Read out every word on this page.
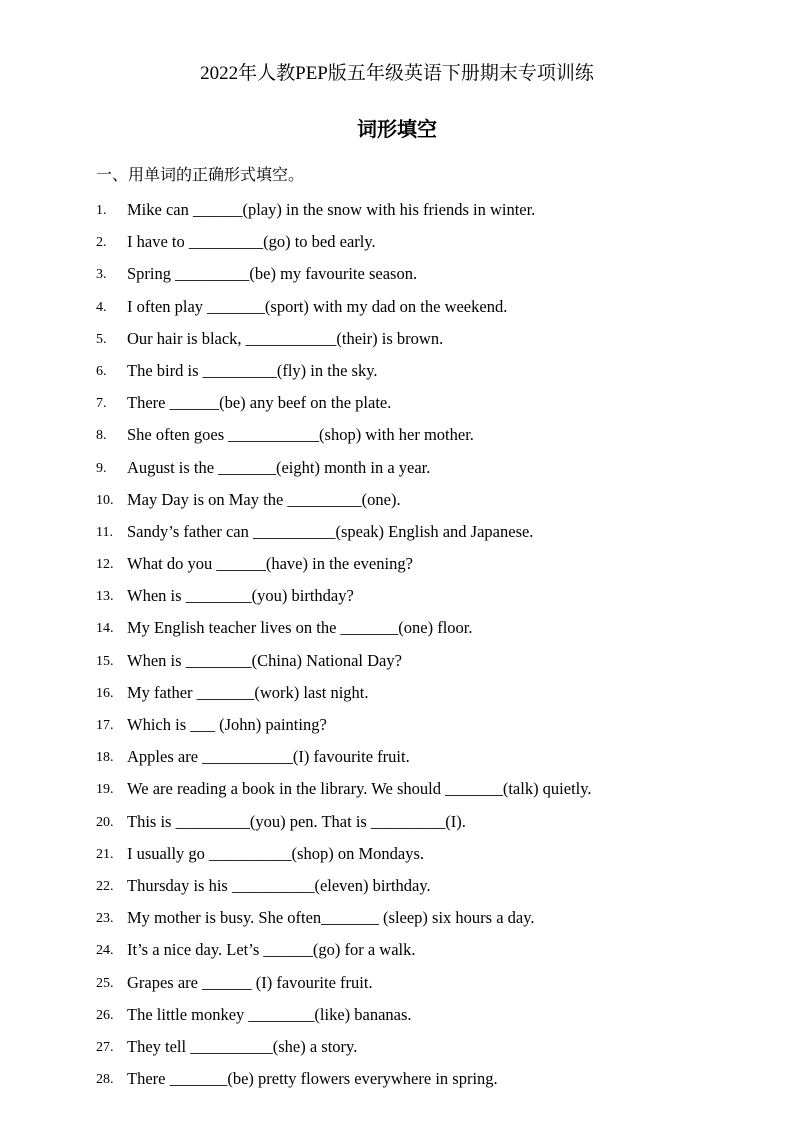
2022年人教PEP版五年级英语下册期末专项训练
词形填空
一、用单词的正确形式填空。
1.	Mike can ______(play) in the snow with his friends in winter.
2.	I have to _________(go) to bed early.
3.	Spring _________(be) my favourite season.
4.	I often play _______(sport) with my dad on the weekend.
5.	Our hair is black, ___________(their) is brown.
6.	The bird is _________(fly) in the sky.
7.	There ______(be) any beef on the plate.
8.	She often goes ___________(shop) with her mother.
9.	August is the _______(eight) month in a year.
10. May Day is on May the _________(one).
11. Sandy’s father can __________(speak) English and Japanese.
12. What do you ______(have) in the evening?
13. When is ________(you) birthday?
14. My English teacher lives on the _______(one) floor.
15. When is ________(China) National Day?
16. My father _______(work) last night.
17. Which is ___ (John) painting?
18. Apples are ___________(I) favourite fruit.
19. We are reading a book in the library. We should _______(talk) quietly.
20. This is _________(you) pen. That is _________(I).
21. I usually go __________(shop) on Mondays.
22. Thursday is his __________(eleven) birthday.
23. My mother is busy. She often_______ (sleep) six hours a day.
24. It’s a nice day. Let’s ______(go) for a walk.
25. Grapes are ______ (I) favourite fruit.
26. The little monkey ________(like) bananas.
27. They tell __________(she) a story.
28. There _______(be) pretty flowers everywhere in spring.
